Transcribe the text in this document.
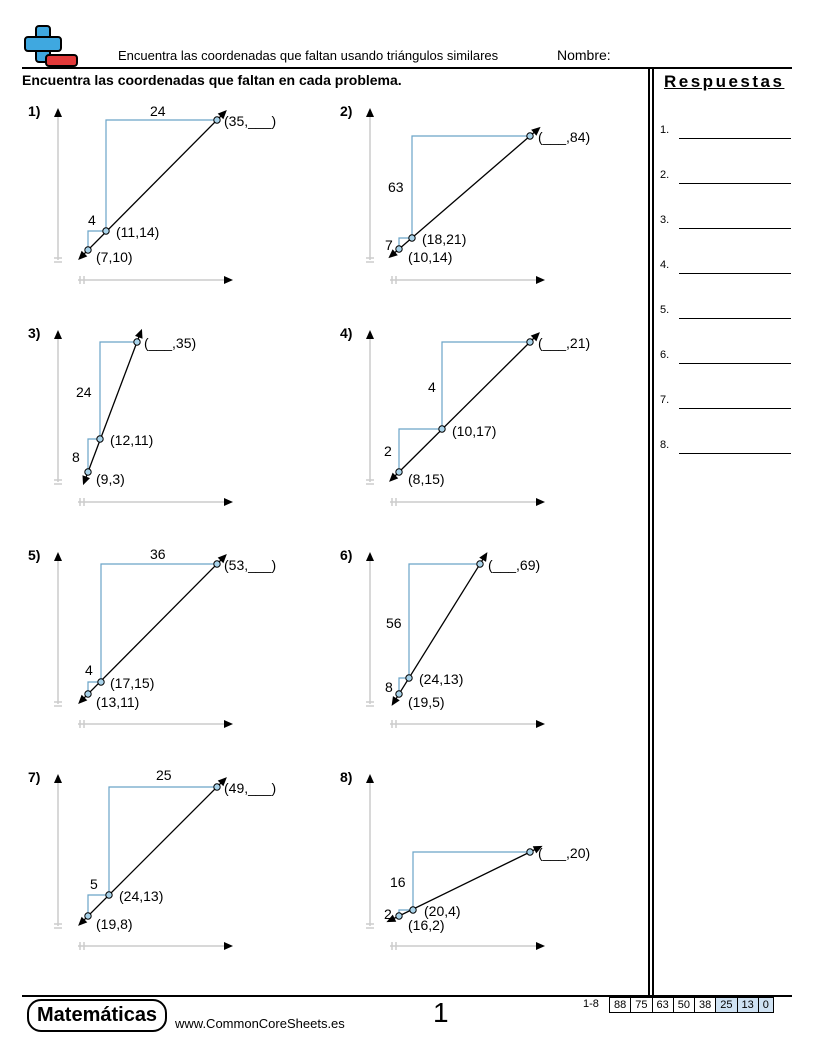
Encuentra las coordenadas que faltan usando triángulos similares	Nombre:
Encuentra las coordenadas que faltan en cada problema.	Respuestas
1.
2.
3.
4.
5.
6.
7.
8.
1)	24
4
(7,10)
(11,14)
(35,___)
2)
63
7
(10,14)
(18,21)
(___,84)
3)
24
8
(9,3)
(12,11)
(___,35)
4)
4
2
(8,15)
(10,17)
(___,21)
5)	36
4
(13,11)
(17,15)
(53,___)
6)
56
8
(19,5)
(24,13)
(___,69)
7)	25
5
(19,8)
(24,13)
(49,___)
8)
16
2
(16,2)
(20,4)
(___,20)
Matemáticas	www.CommonCoreSheets.es	1	1-8 88	75	63	50	38	25	13	0
